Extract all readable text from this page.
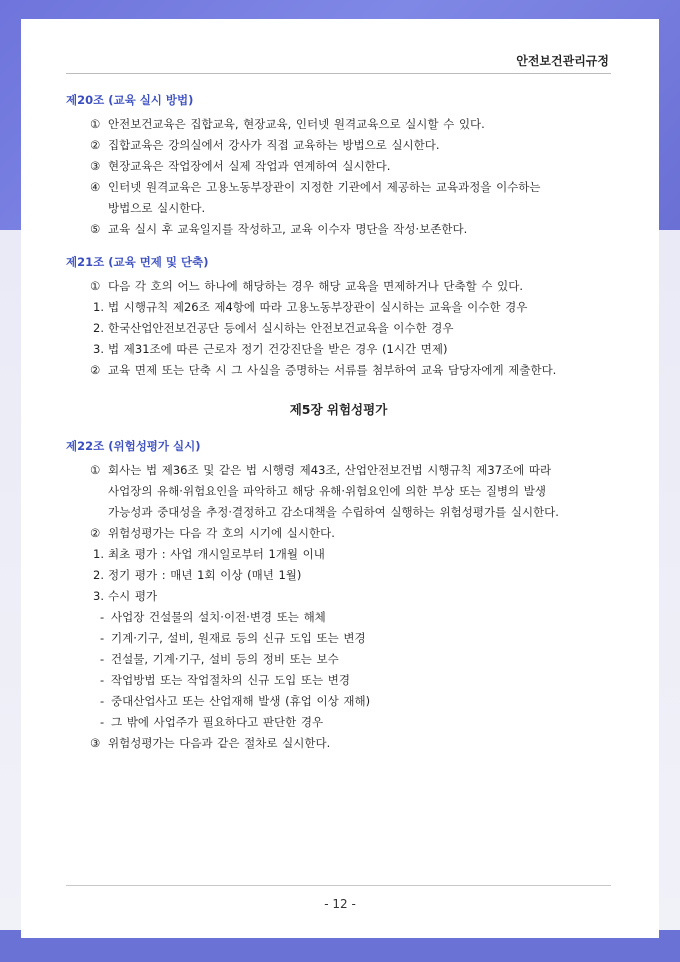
안전보건관리규정
제20조 (교육 실시 방법)
① 안전보건교육은 집합교육, 현장교육, 인터넷 원격교육으로 실시할 수 있다.
② 집합교육은 강의실에서 강사가 직접 교육하는 방법으로 실시한다.
③ 현장교육은 작업장에서 실제 작업과 연계하여 실시한다.
④ 인터넷 원격교육은 고용노동부장관이 지정한 기관에서 제공하는 교육과정을 이수하는
방법으로 실시한다.
⑤ 교육 실시 후 교육일지를 작성하고, 교육 이수자 명단을 작성·보존한다.
제21조 (교육 면제 및 단축)
① 다음 각 호의 어느 하나에 해당하는 경우 해당 교육을 면제하거나 단축할 수 있다.
1. 법 시행규칙 제26조 제4항에 따라 고용노동부장관이 실시하는 교육을 이수한 경우
2. 한국산업안전보건공단 등에서 실시하는 안전보건교육을 이수한 경우
3. 법 제31조에 따른 근로자 정기 건강진단을 받은 경우 (1시간 면제)
② 교육 면제 또는 단축 시 그 사실을 증명하는 서류를 첨부하여 교육 담당자에게 제출한다.
제5장 위험성평가
제22조 (위험성평가 실시)
① 회사는 법 제36조 및 같은 법 시행령 제43조, 산업안전보건법 시행규칙 제37조에 따라
사업장의 유해·위험요인을 파악하고 해당 유해·위험요인에 의한 부상 또는 질병의 발생
가능성과 중대성을 추정·결정하고 감소대책을 수립하여 실행하는 위험성평가를 실시한다.
② 위험성평가는 다음 각 호의 시기에 실시한다.
1. 최초 평가 : 사업 개시일로부터 1개월 이내
2. 정기 평가 : 매년 1회 이상 (매년 1월)
3. 수시 평가
- 사업장 건설물의 설치·이전·변경 또는 해체
- 기계·기구, 설비, 원재료 등의 신규 도입 또는 변경
- 건설물, 기계·기구, 설비 등의 정비 또는 보수
- 작업방법 또는 작업절차의 신규 도입 또는 변경
- 중대산업사고 또는 산업재해 발생 (휴업 이상 재해)
- 그 밖에 사업주가 필요하다고 판단한 경우
③ 위험성평가는 다음과 같은 절차로 실시한다.
- 12 -
